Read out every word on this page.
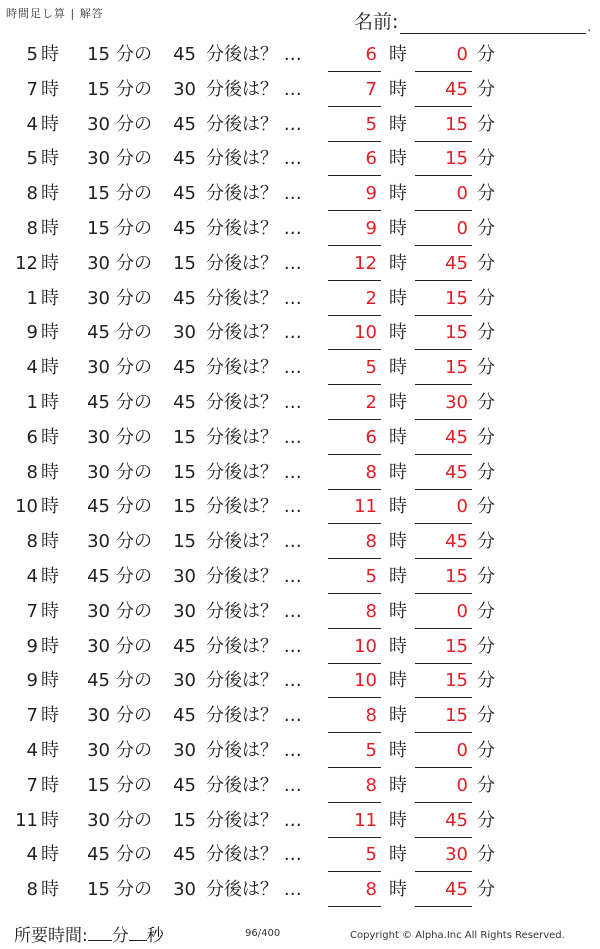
時間足し算 | 解答	名前:	.
5 時	15 分の	45 分後は？ …	6 時	0 分
7 時	15 分の	30 分後は？ …	7 時	45 分
4 時	30 分の	45 分後は？ …	5 時	15 分
5 時	30 分の	45 分後は？ …	6 時	15 分
8 時	15 分の	45 分後は？ …	9 時	0 分
8 時	15 分の	45 分後は？ …	9 時	0 分
12 時	30 分の	15 分後は？ …	12 時	45 分
1 時	30 分の	45 分後は？ …	2 時	15 分
9 時	45 分の	30 分後は？ …	10 時	15 分
4 時	30 分の	45 分後は？ …	5 時	15 分
1 時	45 分の	45 分後は？ …	2 時	30 分
6 時	30 分の	15 分後は？ …	6 時	45 分
8 時	30 分の	15 分後は？ …	8 時	45 分
10 時	45 分の	15 分後は？ …	11 時	0 分
8 時	30 分の	15 分後は？ …	8 時	45 分
4 時	45 分の	30 分後は？ …	5 時	15 分
7 時	30 分の	30 分後は？ …	8 時	0 分
9 時	30 分の	45 分後は？ …	10 時	15 分
9 時	45 分の	30 分後は？ …	10 時	15 分
7 時	30 分の	45 分後は？ …	8 時	15 分
4 時	30 分の	30 分後は？ …	5 時	0 分
7 時	15 分の	45 分後は？ …	8 時	0 分
11 時	30 分の	15 分後は？ …	11 時	45 分
4 時	45 分の	45 分後は？ …	5 時	30 分
8 時	15 分の	30 分後は？ …	8 時	45 分
所要時間: 分 秒	96/400	Copyright © Alpha.Inc All Rights Reserved.
